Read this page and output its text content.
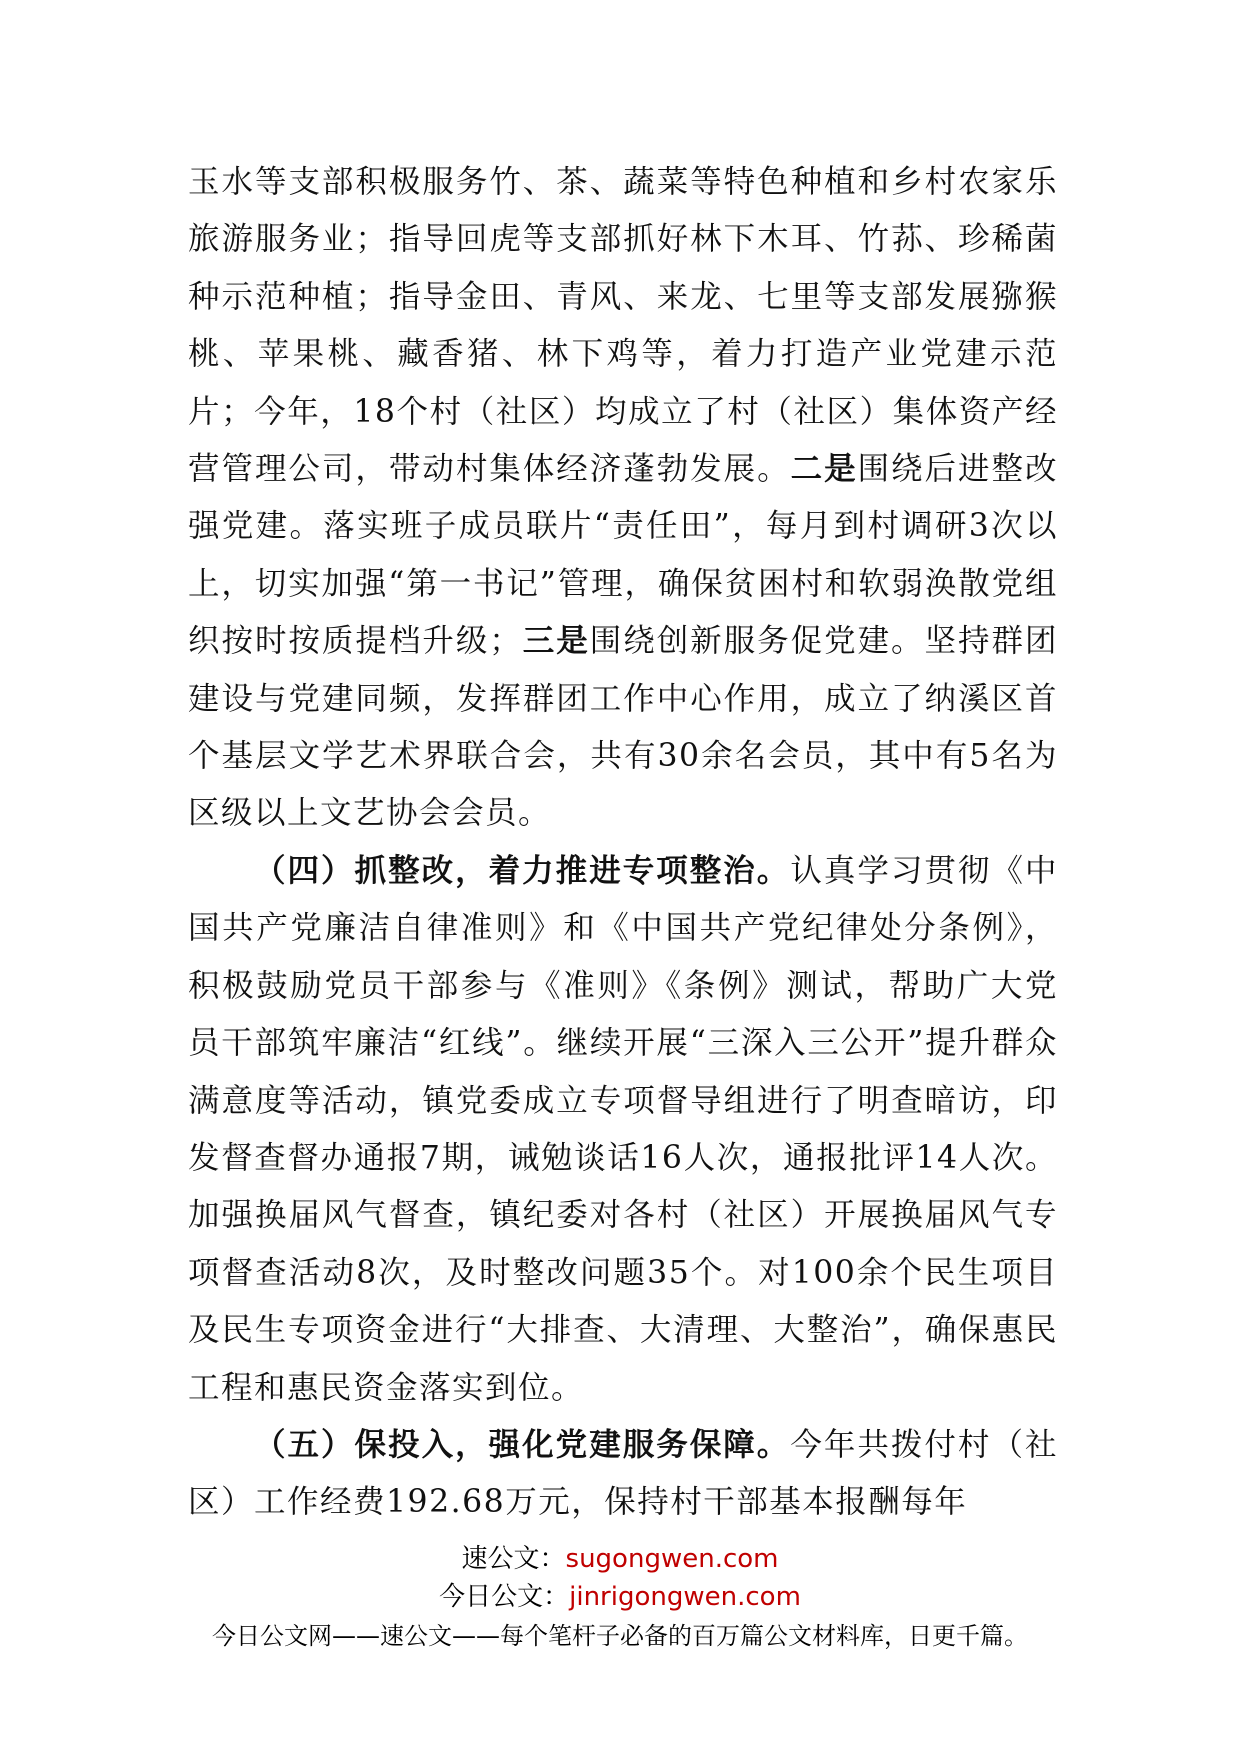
玉水等支部积极服务竹、茶、蔬菜等特色种植和乡村农家乐旅游服务业；指导回虎等支部抓好林下木耳、竹荪、珍稀菌种示范种植；指导金田、青风、来龙、七里等支部发展猕猴桃、苹果桃、藏香猪、林下鸡等，着力打造产业党建示范片；今年，18个村（社区）均成立了村（社区）集体资产经营管理公司，带动村集体经济蓬勃发展。二是围绕后进整改强党建。落实班子成员联片“责任田”，每月到村调研3次以上，切实加强“第一书记”管理，确保贫困村和软弱涣散党组织按时按质提档升级；三是围绕创新服务促党建。坚持群团建设与党建同频，发挥群团工作中心作用，成立了纳溪区首个基层文学艺术界联合会，共有30余名会员，其中有5名为区级以上文艺协会会员。

（四）抓整改，着力推进专项整治。认真学习贯彻《中国共产党廉洁自律准则》和《中国共产党纪律处分条例》，积极鼓励党员干部参与《准则》《条例》测试，帮助广大党员干部筑牢廉洁“红线”。继续开展“三深入三公开”提升群众满意度等活动，镇党委成立专项督导组进行了明查暗访，印发督查督办通报7期，诫勉谈话16人次，通报批评14人次。加强换届风气督查，镇纪委对各村（社区）开展换届风气专项督查活动8次，及时整改问题35个。对100余个民生项目及民生专项资金进行“大排查、大清理、大整治”，确保惠民工程和惠民资金落实到位。

（五）保投入，强化党建服务保障。今年共拨付村（社区）工作经费192.68万元，保持村干部基本报酬每年

速公文：sugongwen.com
今日公文：jinrigongwen.com
今日公文网——速公文——每个笔杆子必备的百万篇公文材料库，日更千篇。
